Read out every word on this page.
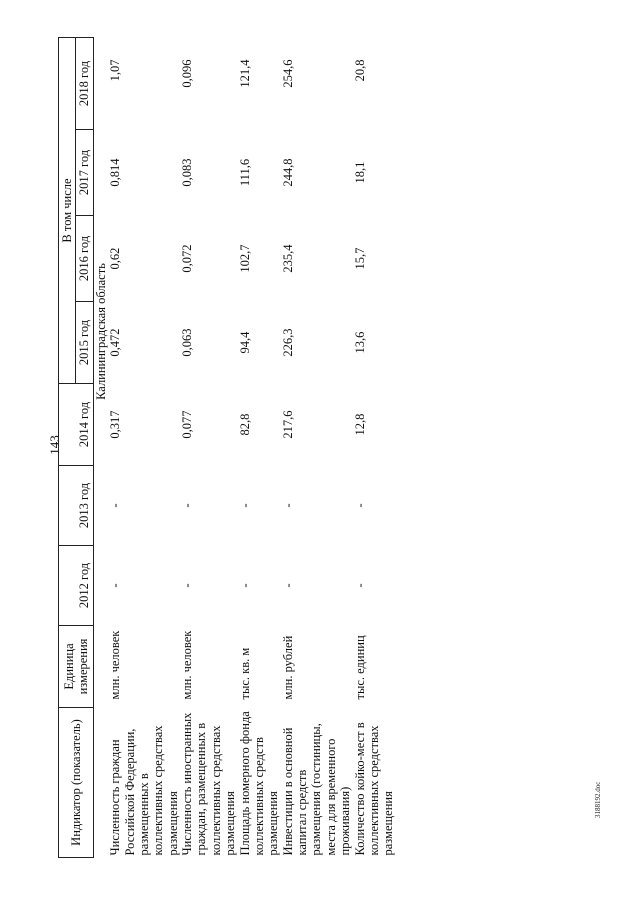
143
3188192.doc
Индикатор (показатель)	Единица измерения	2012 год	2013 год	2014 год	В том числе			
					2015 год	2016 год	2017 год	2018 год
		Калининградская область						
Численность граждан Российской Федерации, размещенных в коллективных средствах размещения	млн. человек	-	-	0,317	0,472	0,62	0,814	1,07
Численность иностранных граждан, размещенных в коллективных средствах размещения	млн. человек	-	-	0,077	0,063	0,072	0,083	0,096
Площадь номерного фонда коллективных средств размещения	тыс. кв. м	-	-	82,8	94,4	102,7	111,6	121,4
Инвестиции в основной капитал средств размещения (гостиницы, места для временного проживания)	млн. рублей	-	-	217,6	226,3	235,4	244,8	254,6
Количество койко-мест в коллективных средствах размещения	тыс. единиц	-	-	12,8	13,6	15,7	18,1	20,8
